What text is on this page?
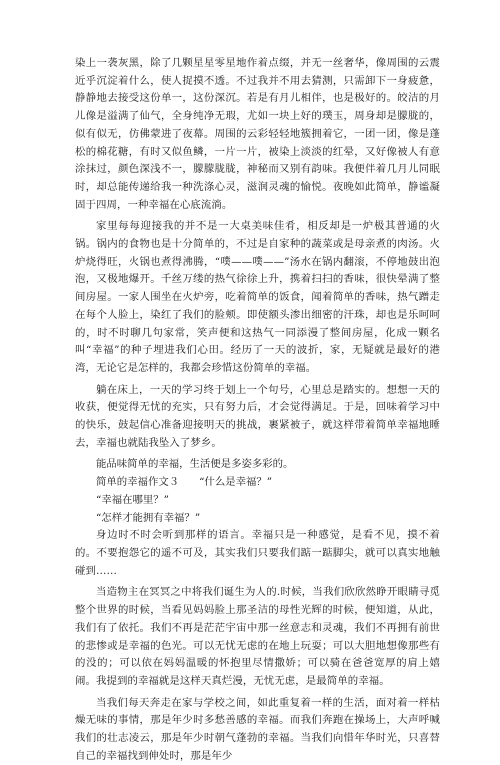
染上一袭灰黑，除了几颗星星零星地作着点缀，并无一丝奢华，像周围的云震近乎沉淀着什么，使人捉摸不透。不过我并不用去猜测，只需卸下一身疲惫，静静地去接受这份单一，这份深沉。若是有月儿相伴，也是极好的。皎洁的月儿像是溢满了仙气，全身纯净无瑕，尤如一块上好的璞玉，周身却是朦胧的，似有似无，仿佛蒙进了夜幕。周围的云彩轻轻地簇拥着它，一团一团，像是蓬松的棉花糖，有时又似鱼鳞，一片一片，被染上淡淡的红晕，又好像被人有意涂抹过，颜色深浅不一，朦朦胧胧，神秘而又别有韵味。我便伴着几月儿同眠时，却总能传递给我一种洗涤心灵，滋润灵魂的愉悦。夜晚如此简单，静谧凝固于四周，一种幸福在心底流淌。

家里每每迎接我的并不是一大桌美味佳肴，相反却是一炉极其普通的火锅。锅内的食物也是十分简单的，不过是自家种的蔬菜或是母亲煮的肉汤。火炉烧得旺，火锅也煮得沸腾，“噗——噗——”汤水在锅内翻滚，不停地鼓出泡泡，又极地爆开。千丝万缕的热气徐徐上升，携着扫扫的香味，很快晕满了整间房屋。一家人围坐在火炉旁，吃着简单的饭食，闻着简单的香味，热气蹭走在每个人脸上，染红了我们的脸颊。即使额头渗出细密的汗珠，却也是乐呵呵的，时不时聊几句家常，笑声便和这热气一同添漫了整间房屋，化成一颗名叫“幸福”的种子埋进我们心田。经历了一天的波折，家，无疑就是最好的港湾，无论它是怎样的，我都会珍惜这份简单的幸福。

躺在床上，一天的学习终于划上一个句号，心里总是踏实的。想想一天的收获，便觉得无忧的充实，只有努力后，才会觉得满足。于是，回味着学习中的快乐，鼓起信心准备迎接明天的挑战，裹紧被子，就这样带着简单幸福地睡去，幸福也就陆我坠入了梦乡。

能品味简单的幸福，生活便是多姿多彩的。

简单的幸福作文３ “什么是幸福？”

“幸福在哪里？”

“怎样才能拥有幸福？”

身边时不时会听到那样的语言。幸福只是一种感觉，是看不见，摸不着的。不要抱怨它的遥不可及，其实我们只要我们踮一踮脚尖，就可以真实地触碰到……

当造物主在冥冥之中将我们诞生为人的.时候，当我们欣欣然睁开眼睛寻觅整个世界的时候，当看见妈妈脸上那圣洁的母性光辉的时候，便知道，从此，我们有了依托。我们不再是茫茫宇宙中那一丝意志和灵魂，我们不再拥有前世的悲惨或是幸福的色光。可以无忧无虑的在地上玩耍；可以大胆地想像那些有的没的；可以依在妈妈温暖的怀抱里尽情撒娇；可以骑在爸爸宽厚的肩上嬉闹。我提到的幸福就是这样天真烂漫，无忧无虑，是最简单的幸福。

当我们每天奔走在家与学校之间，如此重复着一样的生活，面对着一样枯燥无味的事情，那是年少时多愁善感的幸福。而我们奔跑在操场上，大声呼喊我们的壮志凌云，那是年少时朝气蓬勃的幸福。当我们向惜年华时光，只喜替自己的幸福找到伸处时，那是年少
